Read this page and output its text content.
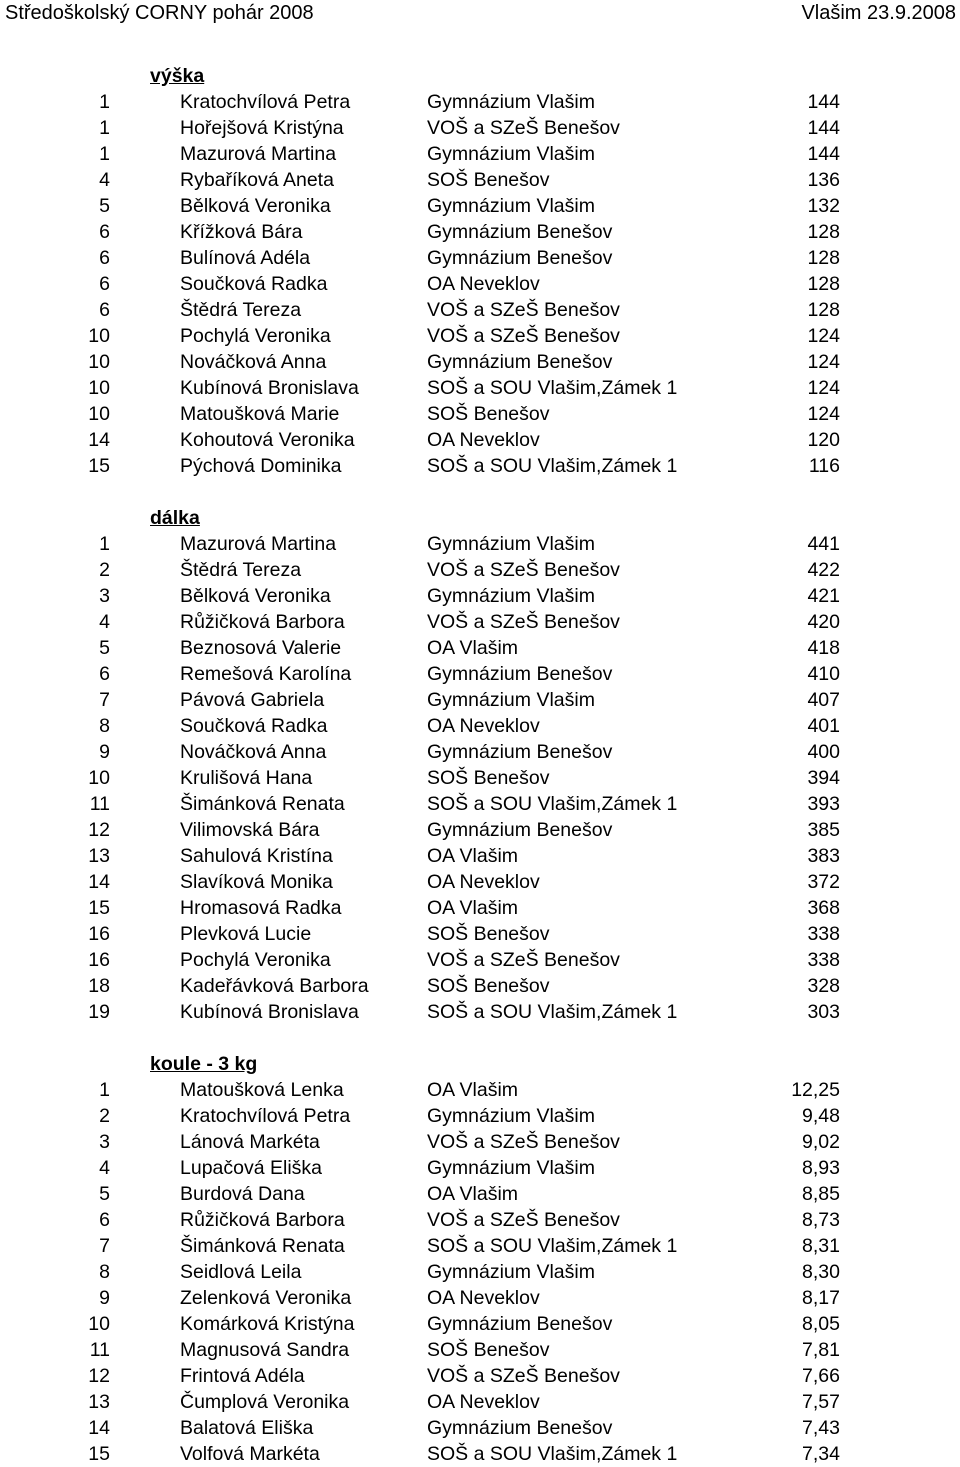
Středoškolský CORNY pohár 2008	Vlašim 23.9.2008
výška
1	Kratochvílová Petra	Gymnázium Vlašim	144
1	Hořejšová Kristýna	VOŠ a SZeŠ Benešov	144
1	Mazurová Martina	Gymnázium Vlašim	144
4	Rybaříková Aneta	SOŠ Benešov	136
5	Bělková Veronika	Gymnázium Vlašim	132
6	Křížková Bára	Gymnázium Benešov	128
6	Bulínová Adéla	Gymnázium Benešov	128
6	Součková Radka	OA Neveklov	128
6	Štědrá Tereza	VOŠ a SZeŠ Benešov	128
10	Pochylá Veronika	VOŠ a SZeŠ Benešov	124
10	Nováčková Anna	Gymnázium Benešov	124
10	Kubínová Bronislava	SOŠ a SOU Vlašim,Zámek 1	124
10	Matoušková Marie	SOŠ Benešov	124
14	Kohoutová Veronika	OA Neveklov	120
15	Pýchová Dominika	SOŠ a SOU Vlašim,Zámek 1	116
dálka
1	Mazurová Martina	Gymnázium Vlašim	441
2	Štědrá Tereza	VOŠ a SZeŠ Benešov	422
3	Bělková Veronika	Gymnázium Vlašim	421
4	Růžičková Barbora	VOŠ a SZeŠ Benešov	420
5	Beznosová Valerie	OA Vlašim	418
6	Remešová Karolína	Gymnázium Benešov	410
7	Pávová Gabriela	Gymnázium Vlašim	407
8	Součková Radka	OA Neveklov	401
9	Nováčková Anna	Gymnázium Benešov	400
10	Krulišová Hana	SOŠ Benešov	394
11	Šimánková Renata	SOŠ a SOU Vlašim,Zámek 1	393
12	Vilimovská Bára	Gymnázium Benešov	385
13	Sahulová Kristína	OA Vlašim	383
14	Slavíková Monika	OA Neveklov	372
15	Hromasová Radka	OA Vlašim	368
16	Plevková Lucie	SOŠ Benešov	338
16	Pochylá Veronika	VOŠ a SZeŠ Benešov	338
18	Kadeřávková Barbora	SOŠ Benešov	328
19	Kubínová Bronislava	SOŠ a SOU Vlašim,Zámek 1	303
koule - 3 kg
1	Matoušková Lenka	OA Vlašim	12,25
2	Kratochvílová Petra	Gymnázium Vlašim	9,48
3	Lánová Markéta	VOŠ a SZeŠ Benešov	9,02
4	Lupačová Eliška	Gymnázium Vlašim	8,93
5	Burdová Dana	OA Vlašim	8,85
6	Růžičková Barbora	VOŠ a SZeŠ Benešov	8,73
7	Šimánková Renata	SOŠ a SOU Vlašim,Zámek 1	8,31
8	Seidlová Leila	Gymnázium Vlašim	8,30
9	Zelenková Veronika	OA Neveklov	8,17
10	Komárková Kristýna	Gymnázium Benešov	8,05
11	Magnusová Sandra	SOŠ Benešov	7,81
12	Frintová Adéla	VOŠ a SZeŠ Benešov	7,66
13	Čumplová Veronika	OA Neveklov	7,57
14	Balatová Eliška	Gymnázium Benešov	7,43
15	Volfová Markéta	SOŠ a SOU Vlašim,Zámek 1	7,34
